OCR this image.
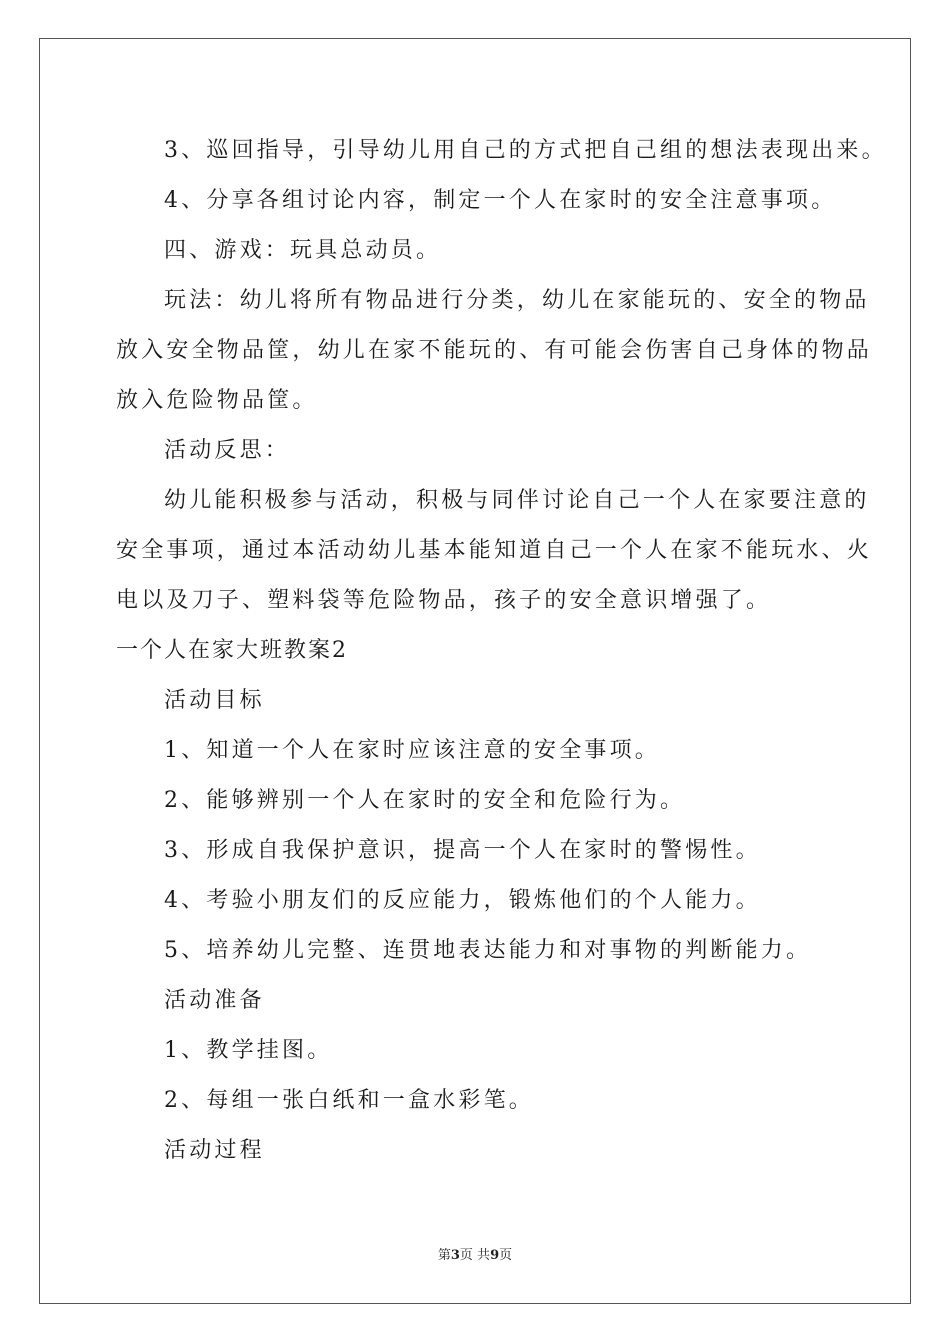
3、巡回指导，引导幼儿用自己的方式把自己组的想法表现出来。
4、分享各组讨论内容，制定一个人在家时的安全注意事项。
四、游戏：玩具总动员。
玩法：幼儿将所有物品进行分类，幼儿在家能玩的、安全的物品
放入安全物品筐，幼儿在家不能玩的、有可能会伤害自己身体的物品
放入危险物品筐。
活动反思：
幼儿能积极参与活动，积极与同伴讨论自己一个人在家要注意的
安全事项，通过本活动幼儿基本能知道自己一个人在家不能玩水、火
电以及刀子、塑料袋等危险物品，孩子的安全意识增强了。
一个人在家大班教案2
活动目标
1、知道一个人在家时应该注意的安全事项。
2、能够辨别一个人在家时的安全和危险行为。
3、形成自我保护意识，提高一个人在家时的警惕性。
4、考验小朋友们的反应能力，锻炼他们的个人能力。
5、培养幼儿完整、连贯地表达能力和对事物的判断能力。
活动准备
1、教学挂图。
2、每组一张白纸和一盒水彩笔。
活动过程
第3页 共9页
